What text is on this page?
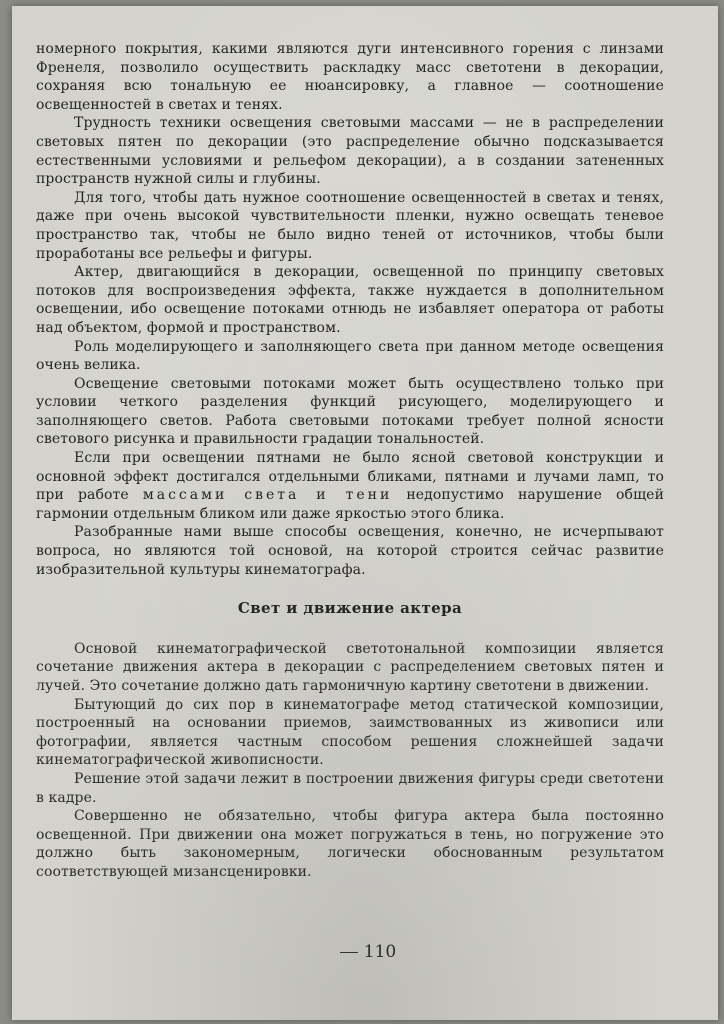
номерного покрытия, какими являются дуги интенсивного горения с линзами Френеля, позволило осуществить раскладку масс светотени в декорации, сохраняя всю тональную ее нюансировку, а главное — соотношение освещенностей в светах и тенях.

Трудность техники освещения световыми массами — не в распределении световых пятен по декорации (это распределение обычно подсказывается естественными условиями и рельефом декорации), а в создании затененных пространств нужной силы и глубины.

Для того, чтобы дать нужное соотношение освещенностей в светах и тенях, даже при очень высокой чувствительности пленки, нужно освещать теневое пространство так, чтобы не было видно теней от источников, чтобы были проработаны все рельефы и фигуры.

Актер, двигающийся в декорации, освещенной по принципу световых потоков для воспроизведения эффекта, также нуждается в дополнительном освещении, ибо освещение потоками отнюдь не избавляет оператора от работы над объектом, формой и пространством.

Роль моделирующего и заполняющего света при данном методе освещения очень велика.

Освещение световыми потоками может быть осуществлено только при условии четкого разделения функций рисующего, моделирующего и заполняющего светов. Работа световыми потоками требует полной ясности светового рисунка и правильности градации тональностей.

Если при освещении пятнами не было ясной световой конструкции и основной эффект достигался отдельными бликами, пятнами и лучами ламп, то при работе массами света и тени недопустимо нарушение общей гармонии отдельным бликом или даже яркостью этого блика.

Разобранные нами выше способы освещения, конечно, не исчерпывают вопроса, но являются той основой, на которой строится сейчас развитие изобразительной культуры кинематографа.

Свет и движение актера

Основой кинематографической светотональной композиции является сочетание движения актера в декорации с распределением световых пятен и лучей. Это сочетание должно дать гармоничную картину светотени в движении.

Бытующий до сих пор в кинематографе метод статической композиции, построенный на основании приемов, заимствованных из живописи или фотографии, является частным способом решения сложнейшей задачи кинематографической живописности.

Решение этой задачи лежит в построении движения фигуры среди светотени в кадре.

Совершенно не обязательно, чтобы фигура актера была постоянно освещенной. При движении она может погружаться в тень, но погружение это должно быть закономерным, логически обоснованным результатом соответствующей мизансценировки.

110
